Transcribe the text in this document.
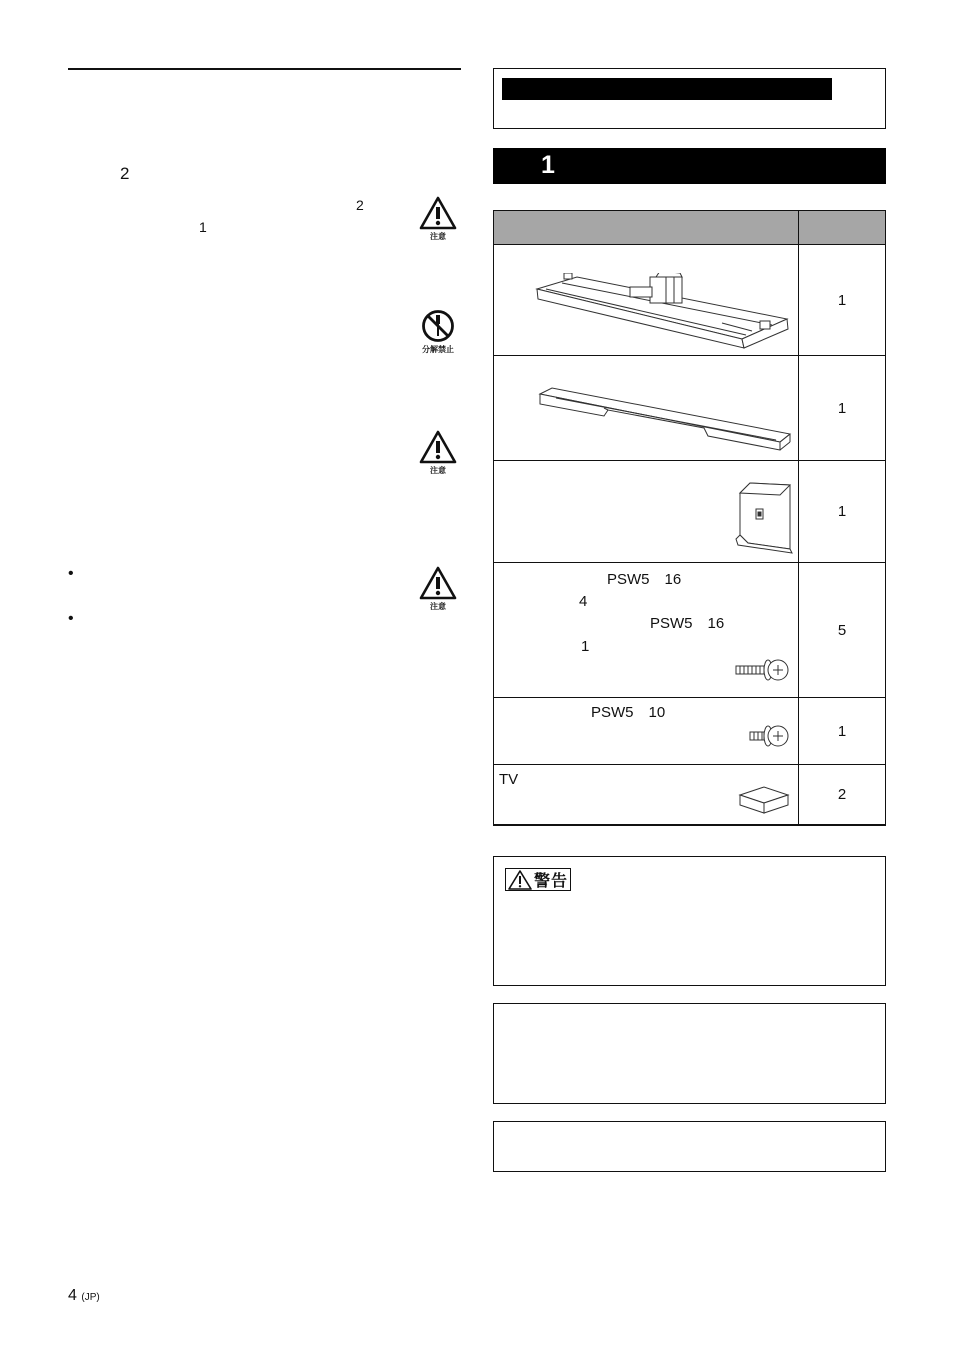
2
2
1
注意
分解禁止
注意
•
•
注意
1

	1

	1

	1

PSW5　16
4
PSW5　16
1	5

PSW5　10	1

TV	2
警告
4 (JP)
